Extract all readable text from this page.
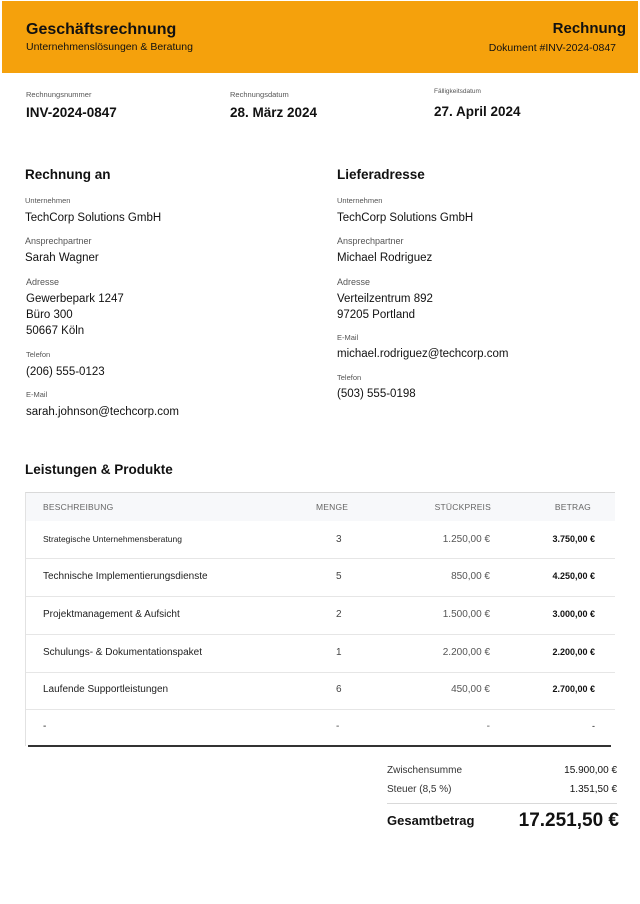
Geschäftsrechnung
Unternehmenslösungen & Beratung
Rechnung
Dokument #INV-2024-0847
Rechnungsnummer
INV-2024-0847
Rechnungsdatum
28. März 2024
Fälligkeitsdatum
27. April 2024
Rechnung an
Unternehmen
TechCorp Solutions GmbH
Ansprechpartner
Sarah Wagner
Adresse
Gewerbepark 1247
Büro 300
50667 Köln
Telefon
(206) 555-0123
E-Mail
sarah.johnson@techcorp.com
Lieferadresse
Unternehmen
TechCorp Solutions GmbH
Ansprechpartner
Michael Rodriguez
Adresse
Verteilzentrum 892
97205 Portland
E-Mail
michael.rodriguez@techcorp.com
Telefon
(503) 555-0198
Leistungen & Produkte
BESCHREIBUNG	MENGE	STÜCKPREIS	BETRAG
Strategische Unternehmensberatung	3	1.250,00 €	3.750,00 €
Technische Implementierungsdienste	5	850,00 €	4.250,00 €
Projektmanagement & Aufsicht	2	1.500,00 €	3.000,00 €
Schulungs- & Dokumentationspaket	1	2.200,00 €	2.200,00 €
Laufende Supportleistungen	6	450,00 €	2.700,00 €
-	-	-	-
Zwischensumme	15.900,00 €
Steuer (8,5 %)	1.351,50 €
Gesamtbetrag 17.251,50 €
